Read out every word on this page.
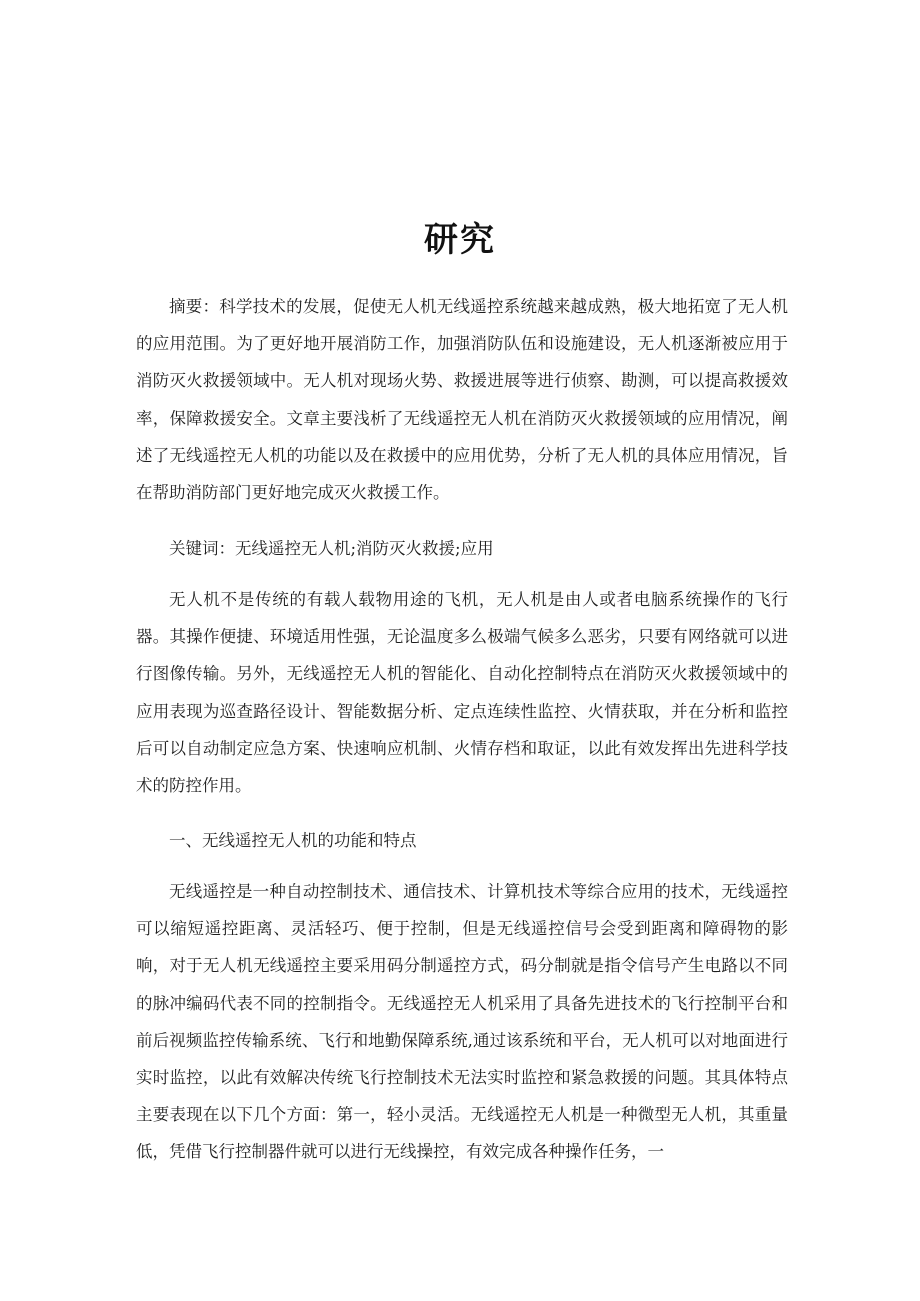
研究

摘要：科学技术的发展，促使无人机无线遥控系统越来越成熟，极大地拓宽了无人机的应用范围。为了更好地开展消防工作，加强消防队伍和设施建设，无人机逐渐被应用于消防灭火救援领域中。无人机对现场火势、救援进展等进行侦察、勘测，可以提高救援效率，保障救援安全。文章主要浅析了无线遥控无人机在消防灭火救援领域的应用情况，阐述了无线遥控无人机的功能以及在救援中的应用优势，分析了无人机的具体应用情况，旨在帮助消防部门更好地完成灭火救援工作。

关键词：无线遥控无人机;消防灭火救援;应用

无人机不是传统的有载人载物用途的飞机，无人机是由人或者电脑系统操作的飞行器。其操作便捷、环境适用性强，无论温度多么极端气候多么恶劣，只要有网络就可以进行图像传输。另外，无线遥控无人机的智能化、自动化控制特点在消防灭火救援领域中的应用表现为巡查路径设计、智能数据分析、定点连续性监控、火情获取，并在分析和监控后可以自动制定应急方案、快速响应机制、火情存档和取证，以此有效发挥出先进科学技术的防控作用。

一、无线遥控无人机的功能和特点

无线遥控是一种自动控制技术、通信技术、计算机技术等综合应用的技术，无线遥控可以缩短遥控距离、灵活轻巧、便于控制，但是无线遥控信号会受到距离和障碍物的影响，对于无人机无线遥控主要采用码分制遥控方式，码分制就是指令信号产生电路以不同的脉冲编码代表不同的控制指令。无线遥控无人机采用了具备先进技术的飞行控制平台和前后视频监控传输系统、飞行和地勤保障系统,通过该系统和平台，无人机可以对地面进行实时监控，以此有效解决传统飞行控制技术无法实时监控和紧急救援的问题。其具体特点主要表现在以下几个方面：第一，轻小灵活。无线遥控无人机是一种微型无人机，其重量低，凭借飞行控制器件就可以进行无线操控，有效完成各种操作任务，一
